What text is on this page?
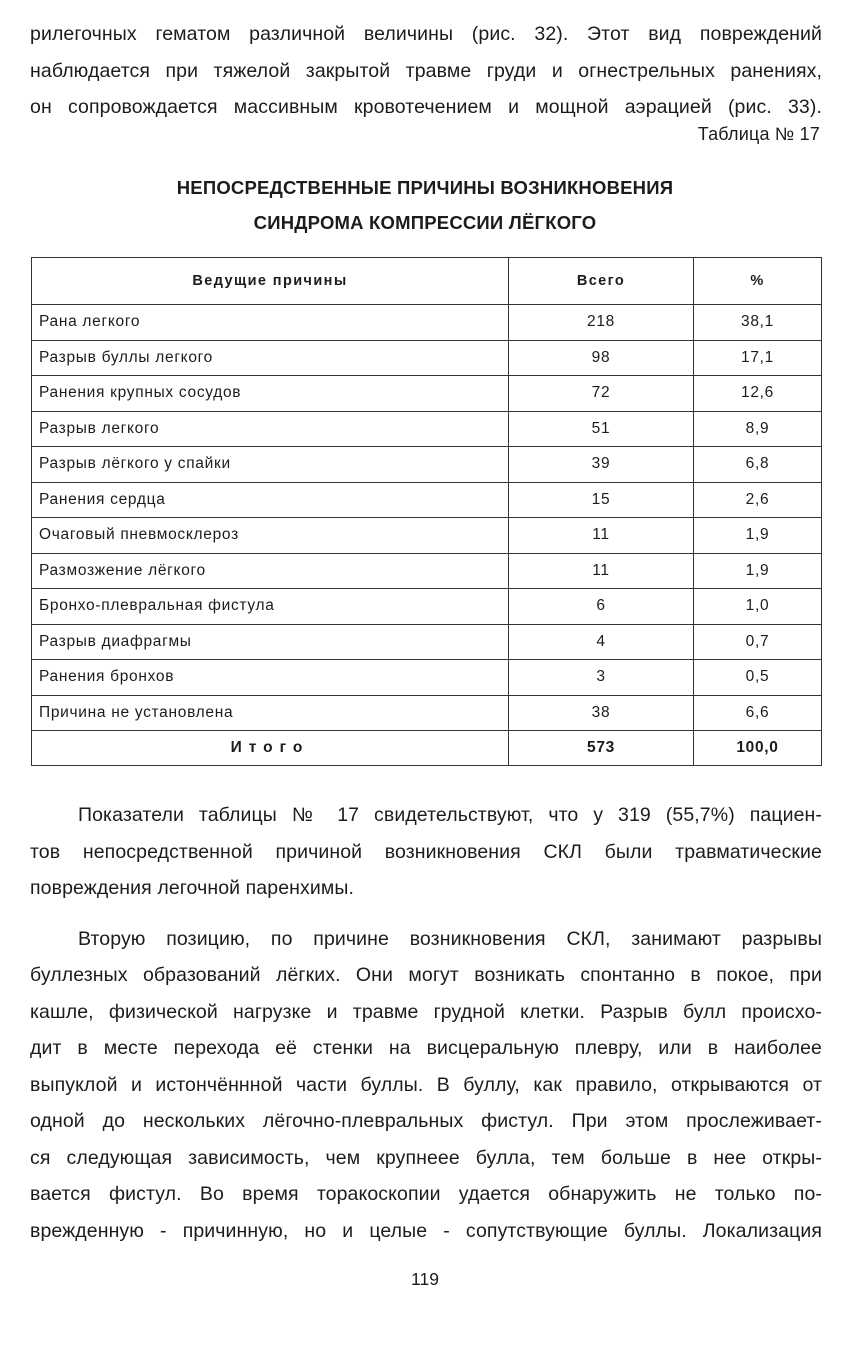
рилегочных гематом различной величины (рис. 32). Этот вид повреждений
наблюдается при тяжелой закрытой травме груди и огнестрельных ранениях,
он сопровождается массивным кровотечением и мощной аэрацией (рис. 33).
Таблица № 17
НЕПОСРЕДСТВЕННЫЕ ПРИЧИНЫ ВОЗНИКНОВЕНИЯ
СИНДРОМА КОМПРЕССИИ ЛЁГКОГО
Ведущие причины	Всего	%
Рана легкого	218	38,1
Разрыв буллы легкого	98	17,1
Ранения крупных сосудов	72	12,6
Разрыв легкого	51	8,9
Разрыв лёгкого у спайки	39	6,8
Ранения сердца	15	2,6
Очаговый пневмосклероз	11	1,9
Размозжение лёгкого	11	1,9
Бронхо-плевральная фистула	6	1,0
Разрыв диафрагмы	4	0,7
Ранения бронхов	3	0,5
Причина не установлена	38	6,6
Итого	573	100,0
Показатели таблицы № 17 свидетельствуют, что у 319 (55,7%) пациен-
тов непосредственной причиной возникновения СКЛ были травматические
повреждения легочной паренхимы.
Вторую позицию, по причине возникновения СКЛ, занимают разрывы
буллезных образований лёгких. Они могут возникать спонтанно в покое, при
кашле, физической нагрузке и травме грудной клетки. Разрыв булл происхо-
дит в месте перехода её стенки на висцеральную плевру, или в наиболее
выпуклой и истончённной части буллы. В буллу, как правило, открываются от
одной до нескольких лёгочно-плевральных фистул. При этом прослеживает-
ся следующая зависимость, чем крупнеее булла, тем больше в нее откры-
вается фистул. Во время торакоскопии удается обнаружить не только по-
врежденную - причинную, но и целые - сопутствующие буллы. Локализация
119
